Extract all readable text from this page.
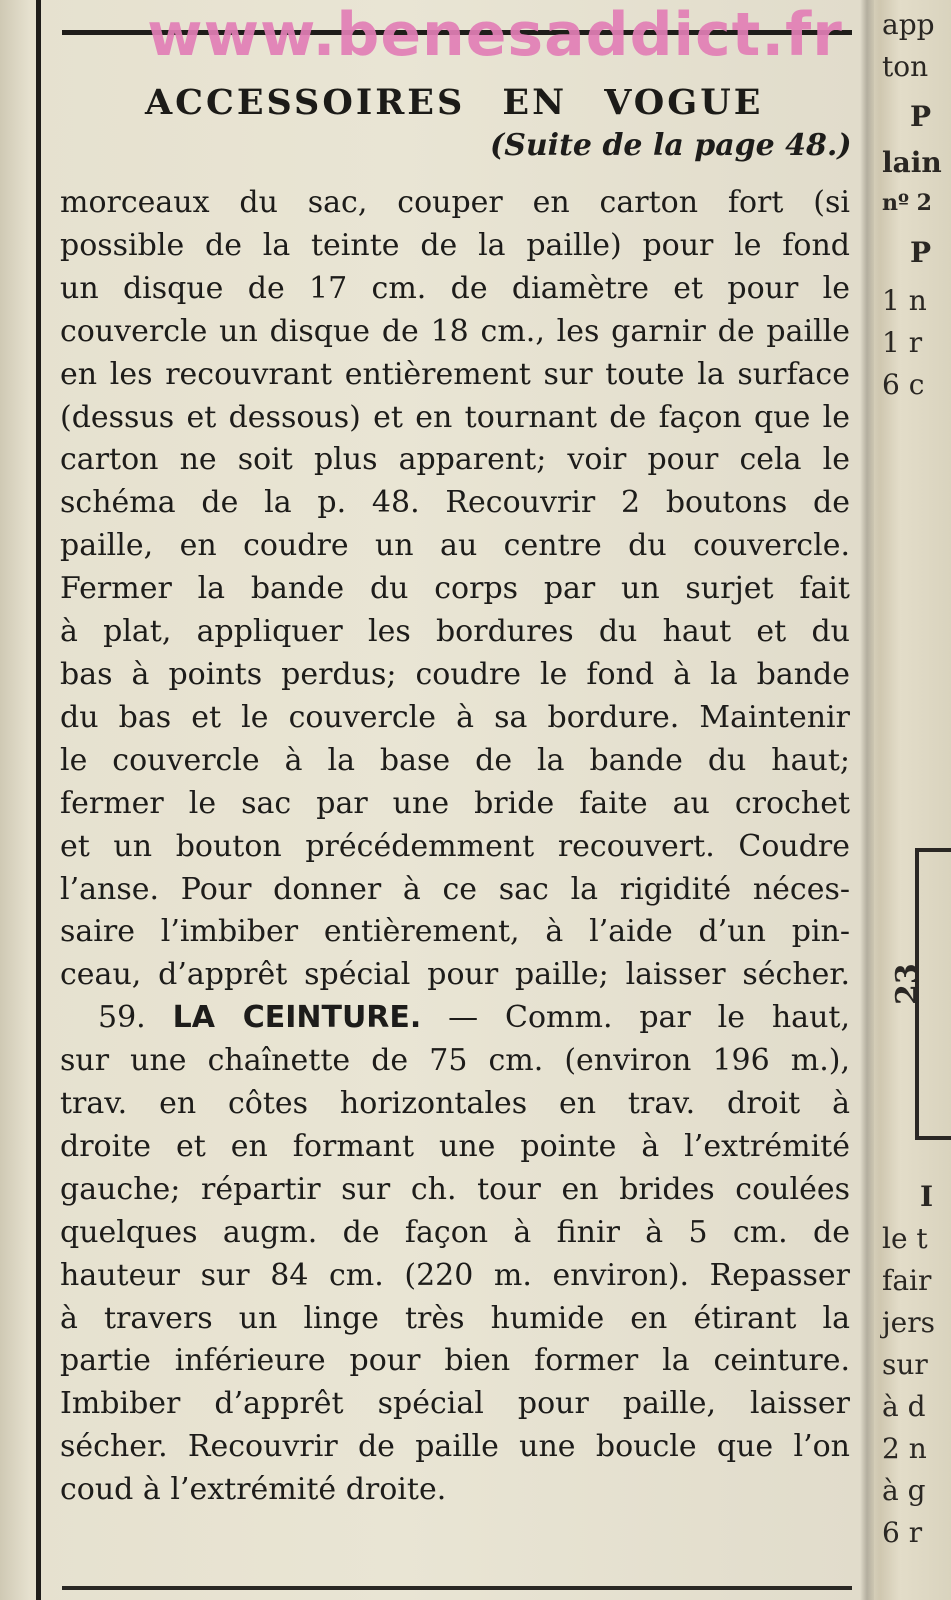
ACCESSOIRES EN VOGUE
(Suite de la page 48.)

morceaux du sac, couper en carton fort (si
possible de la teinte de la paille) pour le fond
un disque de 17 cm. de diamètre et pour le
couvercle un disque de 18 cm., les garnir de paille
en les recouvrant entièrement sur toute la surface
(dessus et dessous) et en tournant de façon que le
carton ne soit plus apparent; voir pour cela le
schéma de la p. 48. Recouvrir 2 boutons de
paille, en coudre un au centre du couvercle.
Fermer la bande du corps par un surjet fait
à plat, appliquer les bordures du haut et du
bas à points perdus; coudre le fond à la bande
du bas et le couvercle à sa bordure. Maintenir
le couvercle à la base de la bande du haut;
fermer le sac par une bride faite au crochet
et un bouton précédemment recouvert. Coudre
l’anse. Pour donner à ce sac la rigidité néces-
saire l’imbiber entièrement, à l’aide d’un pin-
ceau, d’apprêt spécial pour paille; laisser sécher.

59. LA CEINTURE. — Comm. par le haut,
sur une chaînette de 75 cm. (environ 196 m.),
trav. en côtes horizontales en trav. droit à
droite et en formant une pointe à l’extrémité
gauche; répartir sur ch. tour en brides coulées
quelques augm. de façon à finir à 5 cm. de
hauteur sur 84 cm. (220 m. environ). Repasser
à travers un linge très humide en étirant la
partie inférieure pour bien former la ceinture.
Imbiber d’apprêt spécial pour paille, laisser
sécher. Recouvrir de paille une boucle que l’on
coud à l’extrémité droite.

app
ton
P
lain
nº 2
P
1 n
1 r
6 c
I
le t
fair
jers
sur
à d
2 n
à g
6 r
23
www.benesaddict.fr
